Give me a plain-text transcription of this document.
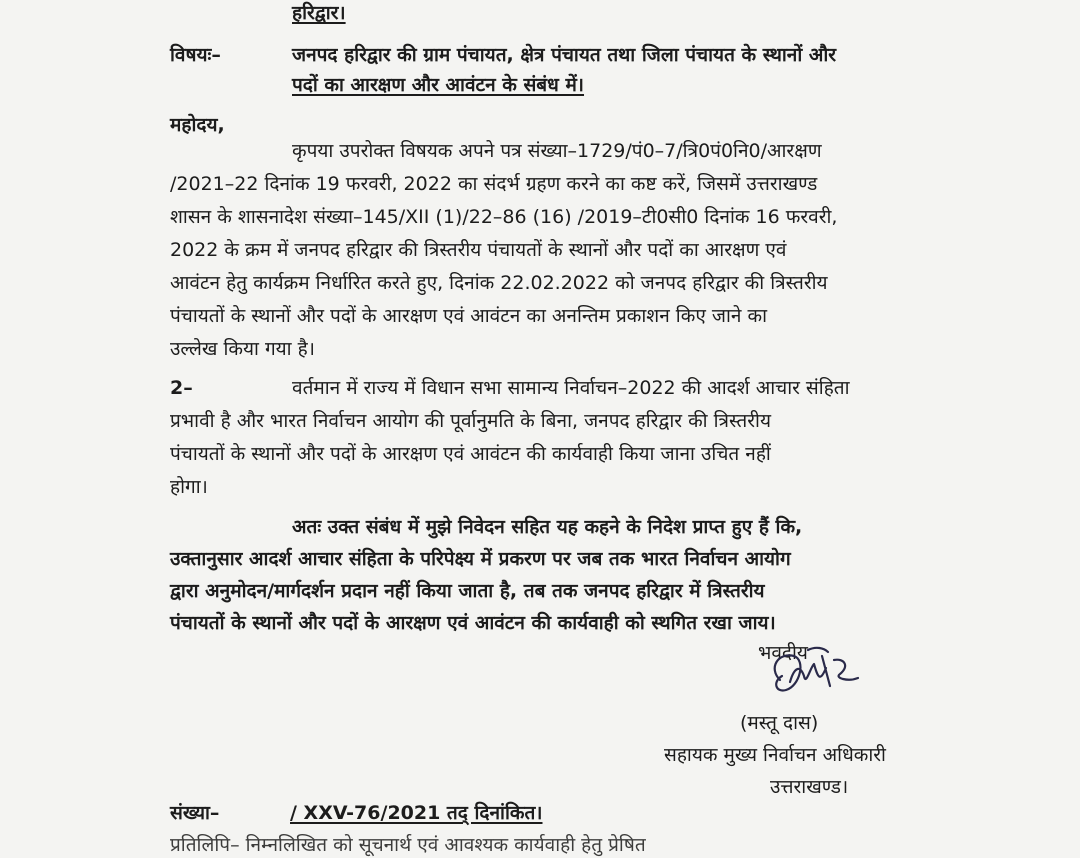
हरिद्वार।
विषयः–	जनपद हरिद्वार की ग्राम पंचायत, क्षेत्र पंचायत तथा जिला पंचायत के स्थानों और
पदों का आरक्षण और आवंटन के संबंध में।
महोदय,
कृपया उपरोक्त विषयक अपने पत्र संख्या–1729/पं0–7/त्रि0पं0नि0/आरक्षण
/2021–22 दिनांक 19 फरवरी, 2022 का संदर्भ ग्रहण करने का कष्ट करें, जिसमें उत्तराखण्ड
शासन के शासनादेश संख्या–145/XII (1)/22–86 (16) /2019–टी0सी0 दिनांक 16 फरवरी,
2022 के क्रम में जनपद हरिद्वार की त्रिस्तरीय पंचायतों के स्थानों और पदों का आरक्षण एवं
आवंटन हेतु कार्यक्रम निर्धारित करते हुए, दिनांक 22.02.2022 को जनपद हरिद्वार की त्रिस्तरीय
पंचायतों के स्थानों और पदों के आरक्षण एवं आवंटन का अनन्तिम प्रकाशन किए जाने का
उल्लेख किया गया है।
2–	वर्तमान में राज्य में विधान सभा सामान्य निर्वाचन–2022 की आदर्श आचार संहिता
प्रभावी है और भारत निर्वाचन आयोग की पूर्वानुमति के बिना, जनपद हरिद्वार की त्रिस्तरीय
पंचायतों के स्थानों और पदों के आरक्षण एवं आवंटन की कार्यवाही किया जाना उचित नहीं
होगा।
अतः उक्त संबंध में मुझे निवेदन सहित यह कहने के निदेश प्राप्त हुए हैं कि,
उक्तानुसार आदर्श आचार संहिता के परिपेक्ष्य में प्रकरण पर जब तक भारत निर्वाचन आयोग
द्वारा अनुमोदन/मार्गदर्शन प्रदान नहीं किया जाता है, तब तक जनपद हरिद्वार में त्रिस्तरीय
पंचायतों के स्थानों और पदों के आरक्षण एवं आवंटन की कार्यवाही को स्थगित रखा जाय।
भवदीय
(मस्तू दास)
सहायक मुख्य निर्वाचन अधिकारी
उत्तराखण्ड।
संख्या–	/ XXV-76/2021 तद् दिनांकित।
प्रतिलिपि– निम्नलिखित को सूचनार्थ एवं आवश्यक कार्यवाही हेतु प्रेषित
